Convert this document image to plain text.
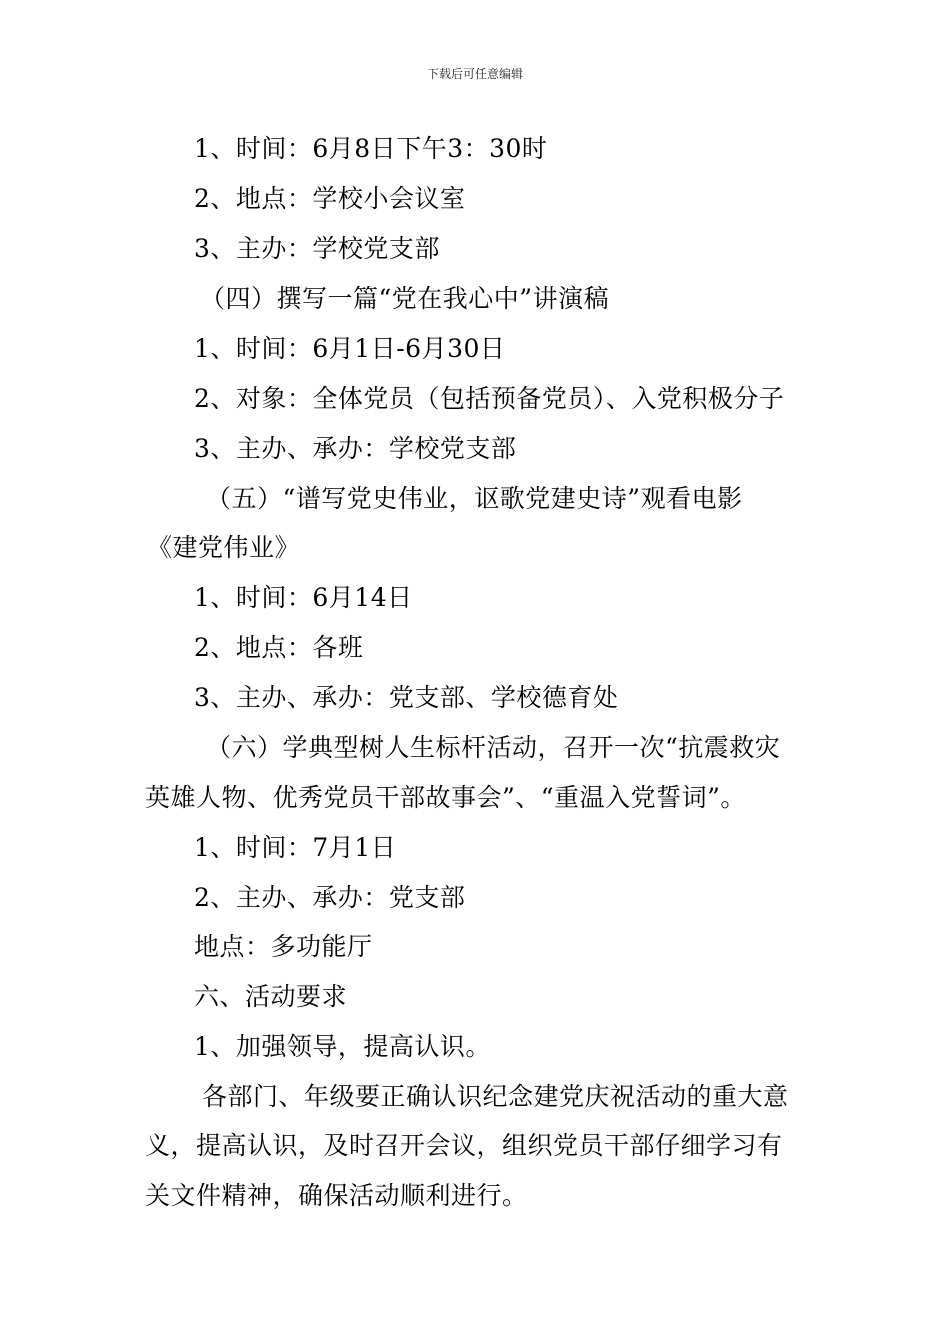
下载后可任意编辑
1、时间：6月8日下午3：30时
2、地点：学校小会议室
3、主办：学校党支部
（四）撰写一篇“党在我心中”讲演稿
1、时间：6月1日-6月30日
2、对象：全体党员（包括预备党员）、入党积极分子
3、主办、承办：学校党支部
（五）“谱写党史伟业，讴歌党建史诗”观看电影
《建党伟业》
1、时间：6月14日
2、地点：各班
3、主办、承办：党支部、学校德育处
（六）学典型树人生标杆活动，召开一次“抗震救灾
英雄人物、优秀党员干部故事会”、“重温入党誓词”。
1、时间：7月1日
2、主办、承办：党支部
地点：多功能厅
六、活动要求
1、加强领导，提高认识。
各部门、年级要正确认识纪念建党庆祝活动的重大意
义，提高认识，及时召开会议，组织党员干部仔细学习有
关文件精神，确保活动顺利进行。
